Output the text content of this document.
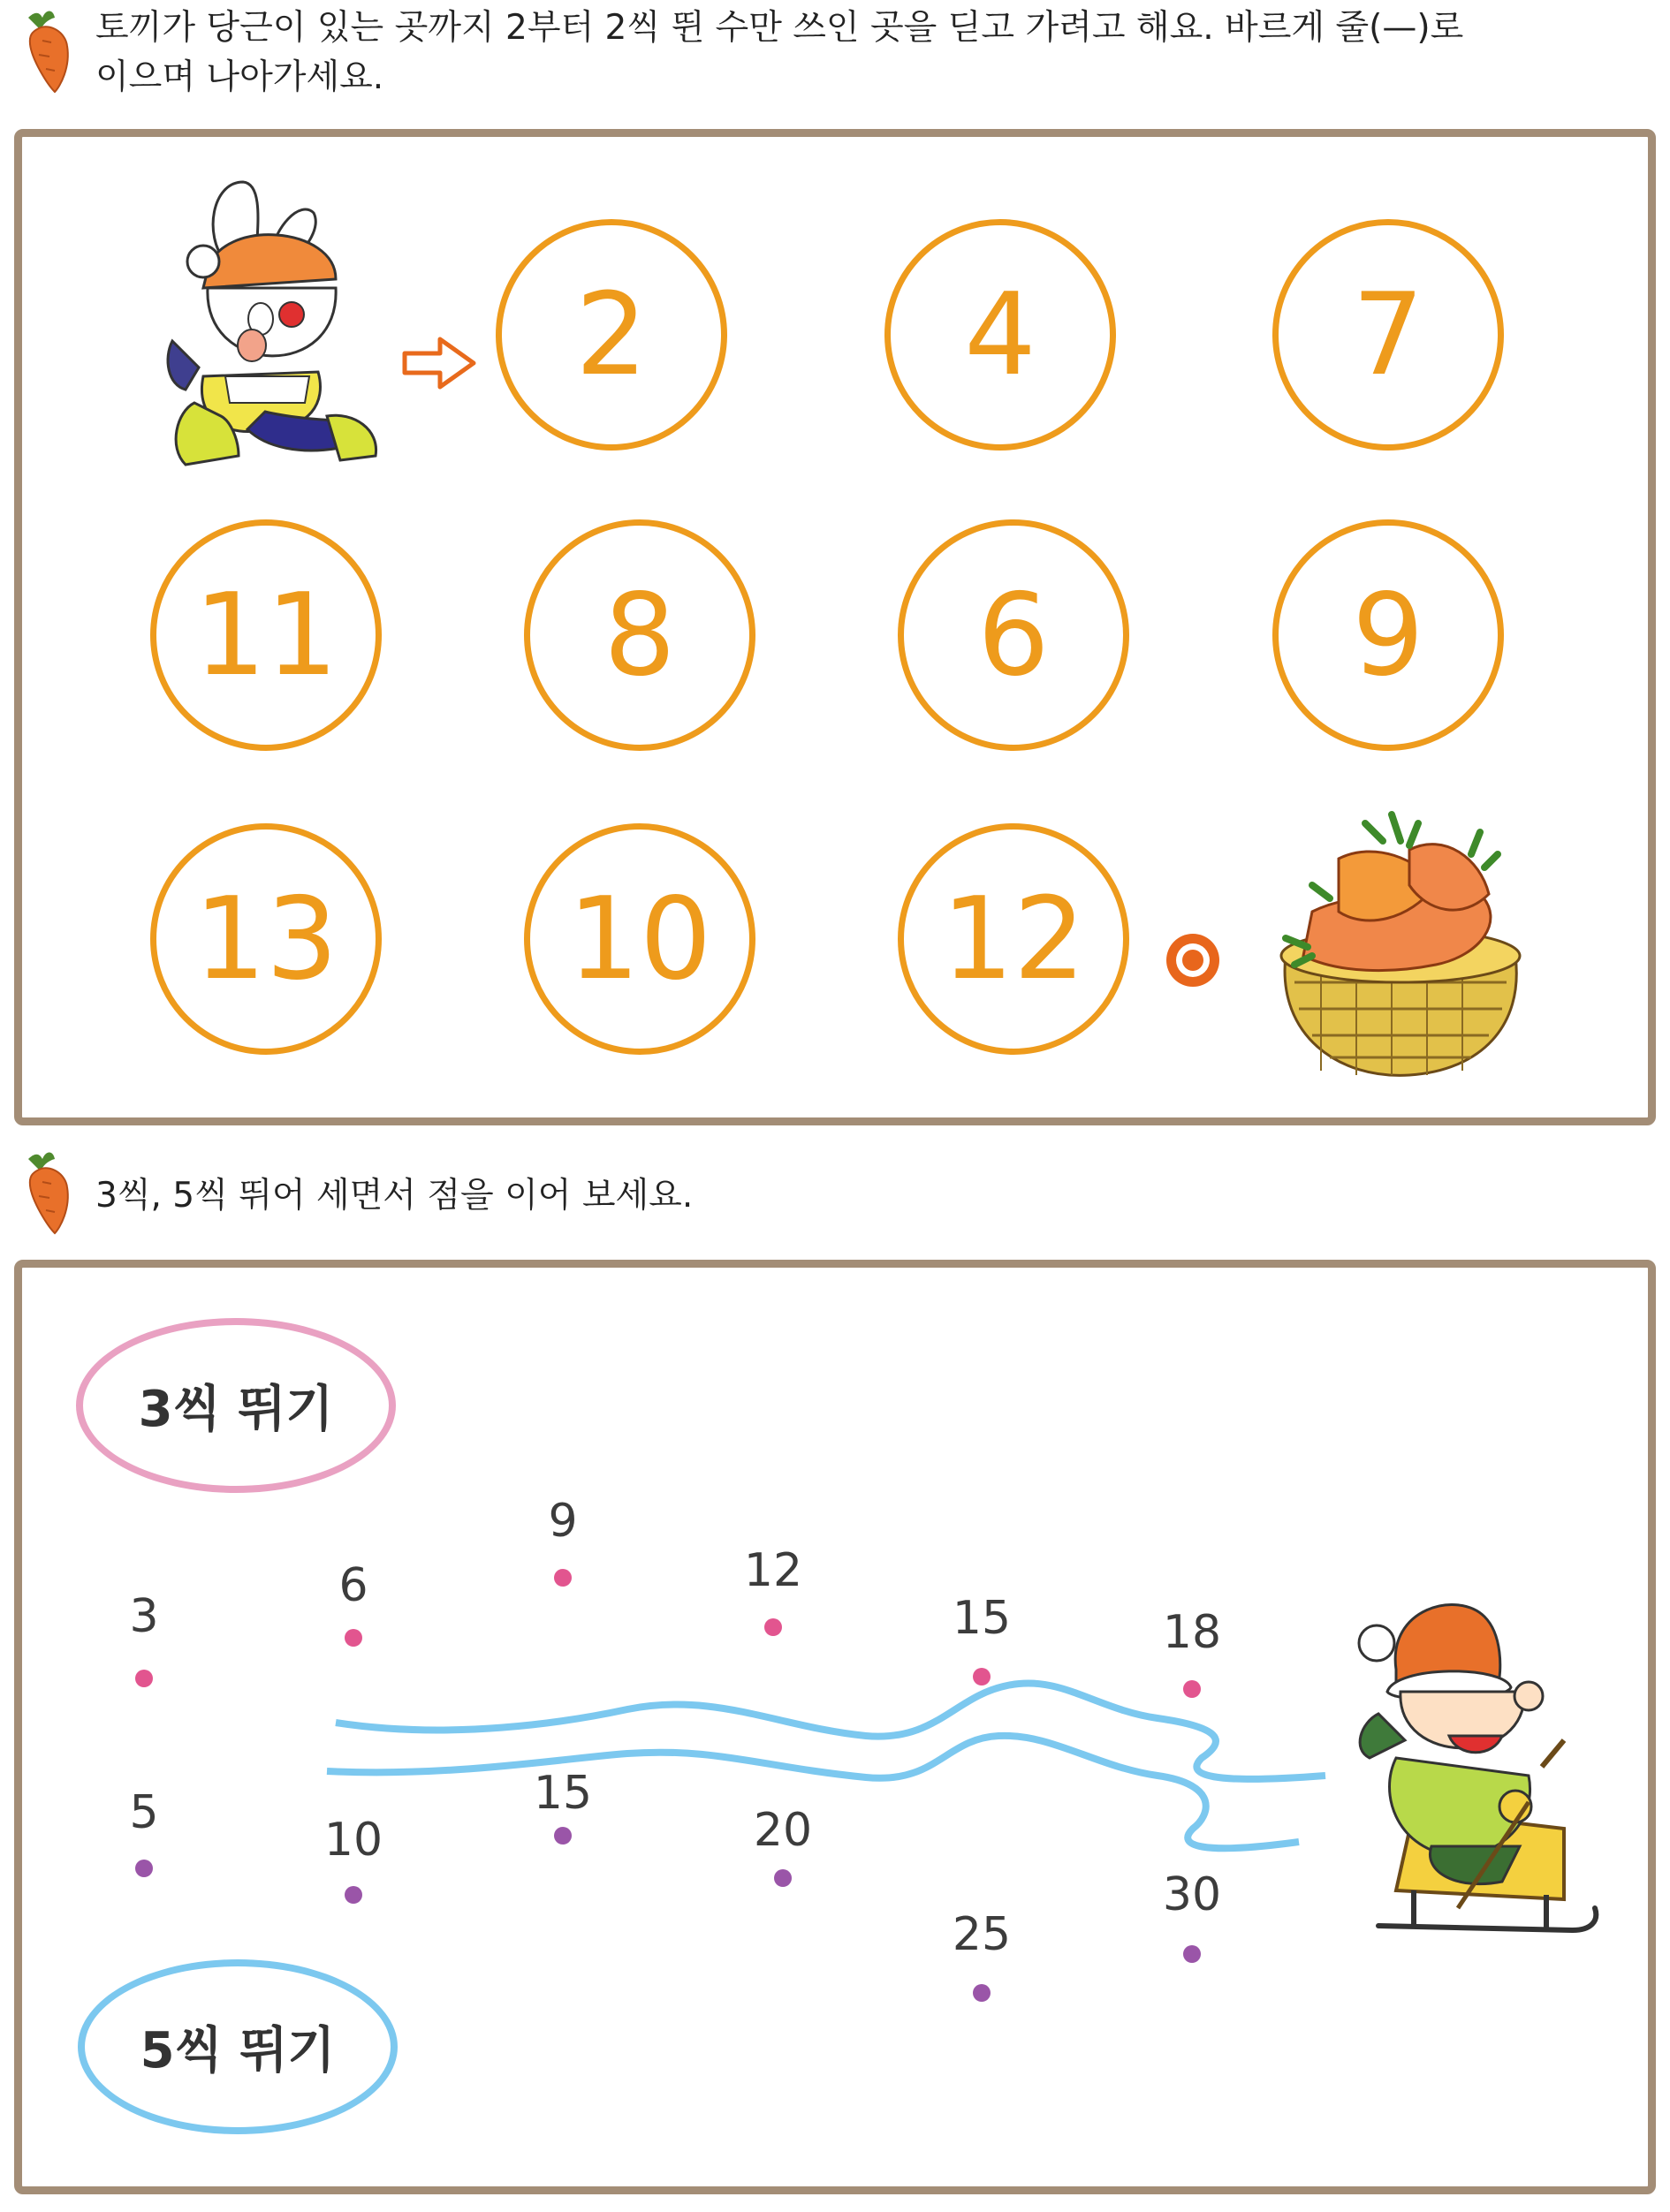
토끼가 당근이 있는 곳까지 2부터 2씩 뛴 수만 쓰인 곳을 딛고 가려고 해요. 바르게 줄(—)로
이으며 나아가세요.
2	4	7
11	8	6	9
13	10	12
3씩, 5씩 뛰어 세면서 점을 이어 보세요.
3씩 뛰기
5씩 뛰기
3
6
9
12
15	18
5
10
15
20
25
30
